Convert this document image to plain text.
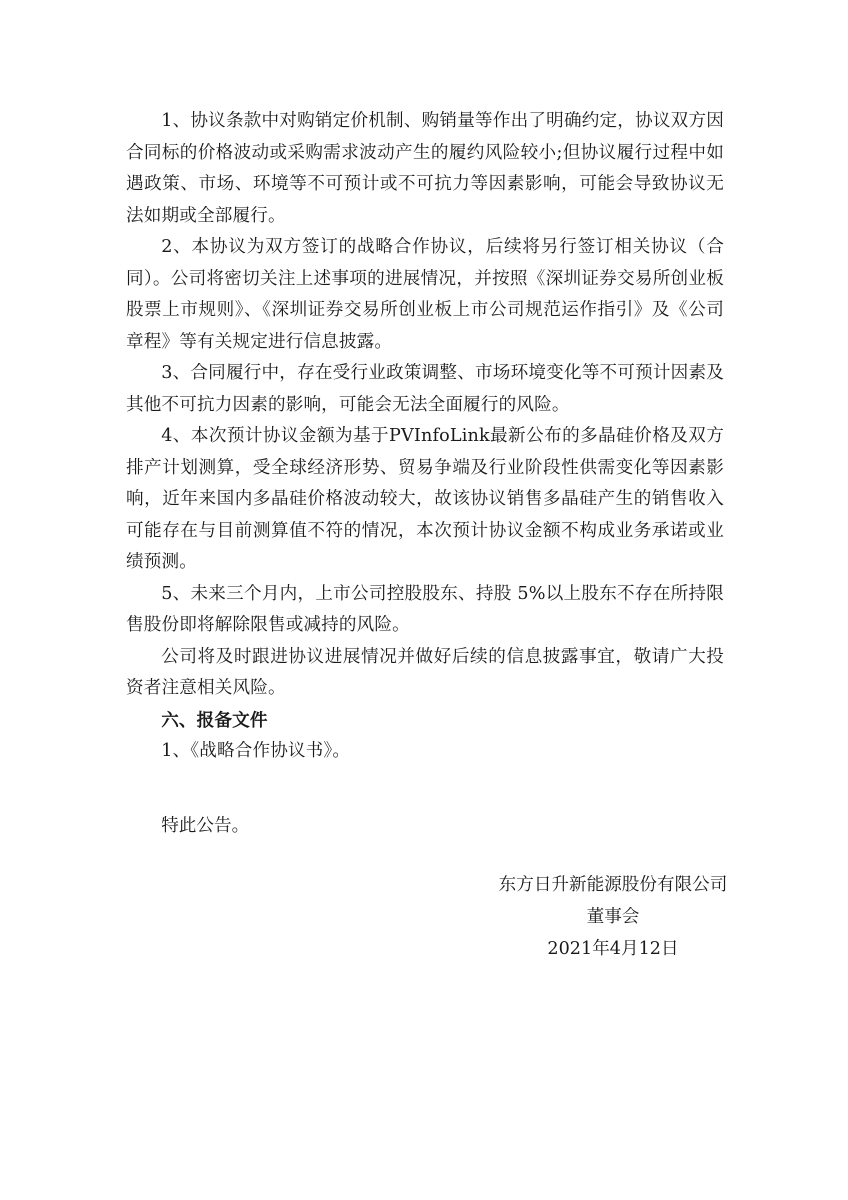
1、协议条款中对购销定价机制、购销量等作出了明确约定，协议双方因合同标的价格波动或采购需求波动产生的履约风险较小;但协议履行过程中如遇政策、市场、环境等不可预计或不可抗力等因素影响，可能会导致协议无法如期或全部履行。

2、本协议为双方签订的战略合作协议，后续将另行签订相关协议（合同）。公司将密切关注上述事项的进展情况，并按照《深圳证券交易所创业板股票上市规则》、《深圳证券交易所创业板上市公司规范运作指引》及《公司章程》等有关规定进行信息披露。

3、合同履行中，存在受行业政策调整、市场环境变化等不可预计因素及其他不可抗力因素的影响，可能会无法全面履行的风险。

4、本次预计协议金额为基于PVInfoLink最新公布的多晶硅价格及双方排产计划测算，受全球经济形势、贸易争端及行业阶段性供需变化等因素影响，近年来国内多晶硅价格波动较大，故该协议销售多晶硅产生的销售收入可能存在与目前测算值不符的情况，本次预计协议金额不构成业务承诺或业绩预测。

5、未来三个月内，上市公司控股股东、持股 5%以上股东不存在所持限售股份即将解除限售或减持的风险。

公司将及时跟进协议进展情况并做好后续的信息披露事宜，敬请广大投资者注意相关风险。

六、报备文件

1、《战略合作协议书》。

特此公告。

东方日升新能源股份有限公司
董事会
2021年4月12日
